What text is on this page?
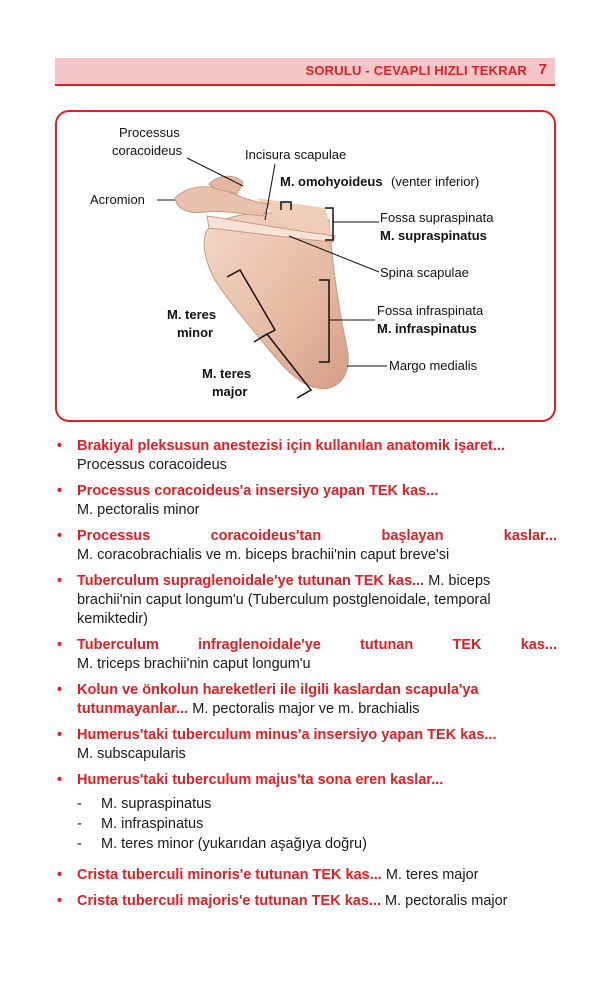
SORULU - CEVAPLI HIZLI TEKRAR 7
Processus
coracoideus	Incisura scapulae
Acromion
M. omohyoideus (venter inferior)
Fossa supraspinata
M. supraspinatus
Spina scapulae
Fossa infraspinata
M. infraspinatus
Margo medialis
M. teres
minor
M. teres
major
• Brakiyal pleksusun anestezisi için kullanılan anatomik işaret...
Processus coracoideus
• Processus coracoideus'a insersiyo yapan TEK kas...
M. pectoralis minor
• Processus coracoideus'tan başlayan kaslar...
M. coracobrachialis ve m. biceps brachii'nin caput breve'si
• Tuberculum supraglenoidale'ye tutunan TEK kas... M. biceps brachii'nin caput longum'u (Tuberculum postglenoidale, temporal kemiktedir)
• Tuberculum infraglenoidale'ye tutunan TEK kas...
M. triceps brachii'nin caput longum'u
• Kolun ve önkolun hareketleri ile ilgili kaslardan scapula'ya tutunmayanlar... M. pectoralis major ve m. brachialis
• Humerus'taki tuberculum minus'a insersiyo yapan TEK kas...
M. subscapularis
• Humerus'taki tuberculum majus'ta sona eren kaslar...
- M. supraspinatus
- M. infraspinatus
- M. teres minor (yukarıdan aşağıya doğru)
• Crista tuberculi minoris'e tutunan TEK kas... M. teres major
• Crista tuberculi majoris'e tutunan TEK kas... M. pectoralis major
